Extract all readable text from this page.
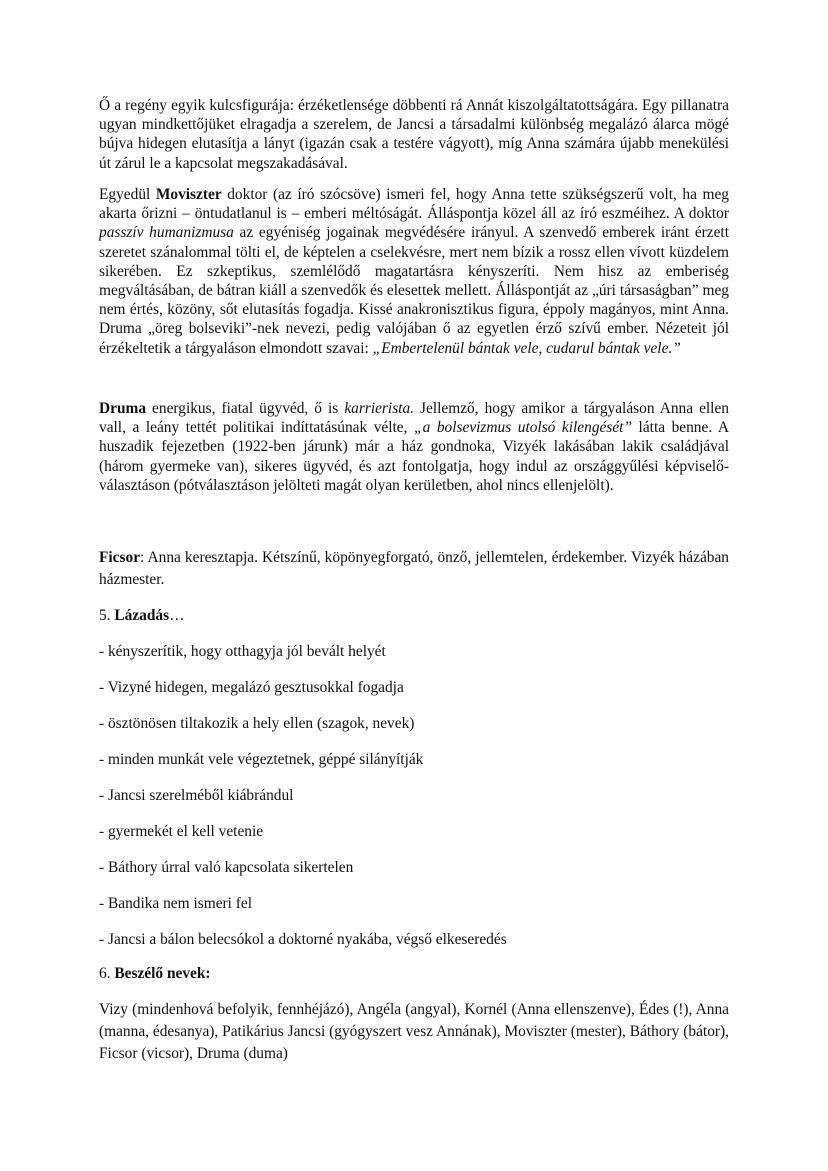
Ő a regény egyik kulcsfigurája: érzéketlensége döbbenti rá Annát kiszolgáltatottságára. Egy pillanatra ugyan mindkettőjüket elragadja a szerelem, de Jancsi a társadalmi különbség megalázó álarca mögé bújva hidegen elutasítja a lányt (igazán csak a testére vágyott), míg Anna számára újabb menekülési út zárul le a kapcsolat megszakadásával.

Egyedül Moviszter doktor (az író szócsöve) ismeri fel, hogy Anna tette szükségszerű volt, ha meg akarta őrizni – öntudatlanul is – emberi méltóságát. Álláspontja közel áll az író eszméihez. A doktor passzív humanizmusa az egyéniség jogainak megvédésére irányul. A szenvedő emberek iránt érzett szeretet szánalommal tölti el, de képtelen a cselekvésre, mert nem bízik a rossz ellen vívott küzdelem sikerében. Ez szkeptikus, szemlélődő magatartásra kényszeríti. Nem hisz az emberiség megváltásában, de bátran kiáll a szenvedők és elesettek mellett. Álláspontját az „úri társaságban” meg nem értés, közöny, sőt elutasítás fogadja. Kissé anakronisztikus figura, éppoly magányos, mint Anna. Druma „öreg bolseviki”-nek nevezi, pedig valójában ő az egyetlen érző szívű ember. Nézeteit jól érzékeltetik a tárgyaláson elmondott szavai: „Embertelenül bántak vele, cudarul bántak vele.”

Druma energikus, fiatal ügyvéd, ő is karrierista. Jellemző, hogy amikor a tárgyaláson Anna ellen vall, a leány tettét politikai indíttatásúnak vélte, „a bolsevizmus utolsó kilengését” látta benne. A huszadik fejezetben (1922-ben járunk) már a ház gondnoka, Vizyék lakásában lakik családjával (három gyermeke van), sikeres ügyvéd, és azt fontolgatja, hogy indul az országgyűlési képviselő-választáson (pótválasztáson jelölteti magát olyan kerületben, ahol nincs ellenjelölt).

Ficsor: Anna keresztapja. Kétszínű, köpönyegforgató, önző, jellemtelen, érdekember. Vizyék házában házmester.

5. Lázadás…

- kényszerítik, hogy otthagyja jól bevált helyét

- Vizyné hidegen, megalázó gesztusokkal fogadja

- ösztönösen tiltakozik a hely ellen (szagok, nevek)

- minden munkát vele végeztetnek, géppé silányítják

- Jancsi szerelméből kiábrándul

- gyermekét el kell vetenie

- Báthory úrral való kapcsolata sikertelen

- Bandika nem ismeri fel

- Jancsi a bálon belecsókol a doktorné nyakába, végső elkeseredés

6. Beszélő nevek:

Vizy (mindenhová befolyik, fennhéjázó), Angéla (angyal), Kornél (Anna ellenszenve), Édes (!), Anna (manna, édesanya), Patikárius Jancsi (gyógyszert vesz Annának), Moviszter (mester), Báthory (bátor), Ficsor (vicsor), Druma (duma)
